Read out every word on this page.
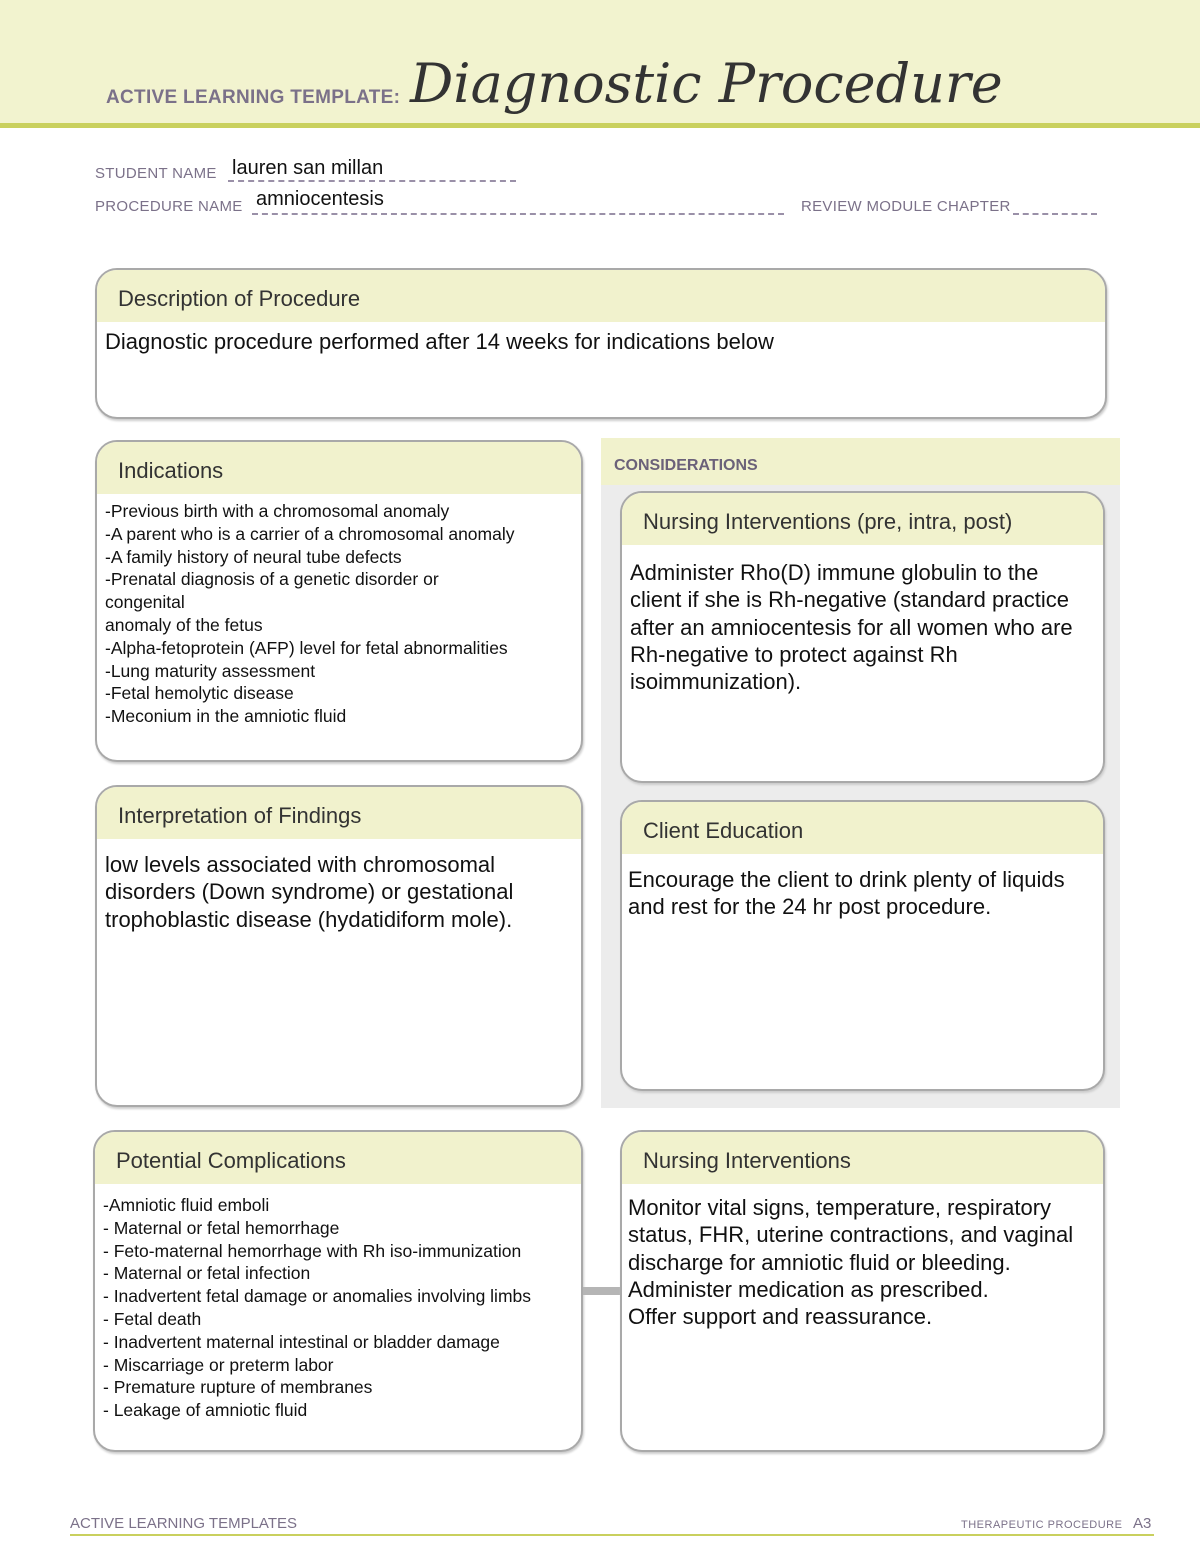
ACTIVE LEARNING TEMPLATE: Diagnostic Procedure
STUDENT NAME lauren san millan
PROCEDURE NAME amniocentesis	REVIEW MODULE CHAPTER
Description of Procedure
Diagnostic procedure performed after 14 weeks for indications below
Indications
-Previous birth with a chromosomal anomaly
-A parent who is a carrier of a chromosomal anomaly
-A family history of neural tube defects
-Prenatal diagnosis of a genetic disorder or
congenital
anomaly of the fetus
-Alpha-fetoprotein (AFP) level for fetal abnormalities
-Lung maturity assessment
-Fetal hemolytic disease
-Meconium in the amniotic fluid
Interpretation of Findings
low levels associated with chromosomal disorders (Down syndrome) or gestational trophoblastic disease (hydatidiform mole).
CONSIDERATIONS
Nursing Interventions (pre, intra, post)
Administer Rho(D) immune globulin to the client if she is Rh-negative (standard practice after an amniocentesis for all women who are Rh-negative to protect against Rh isoimmunization).
Client Education
Encourage the client to drink plenty of liquids and rest for the 24 hr post procedure.
Potential Complications
-Amniotic fluid emboli
- Maternal or fetal hemorrhage
- Feto-maternal hemorrhage with Rh iso-immunization
- Maternal or fetal infection
- Inadvertent fetal damage or anomalies involving limbs
- Fetal death
- Inadvertent maternal intestinal or bladder damage
- Miscarriage or preterm labor
- Premature rupture of membranes
- Leakage of amniotic fluid
Nursing Interventions
Monitor vital signs, temperature, respiratory status, FHR, uterine contractions, and vaginal discharge for amniotic fluid or bleeding.
Administer medication as prescribed.
Offer support and reassurance.
ACTIVE LEARNING TEMPLATES	THERAPEUTIC PROCEDURE A3
